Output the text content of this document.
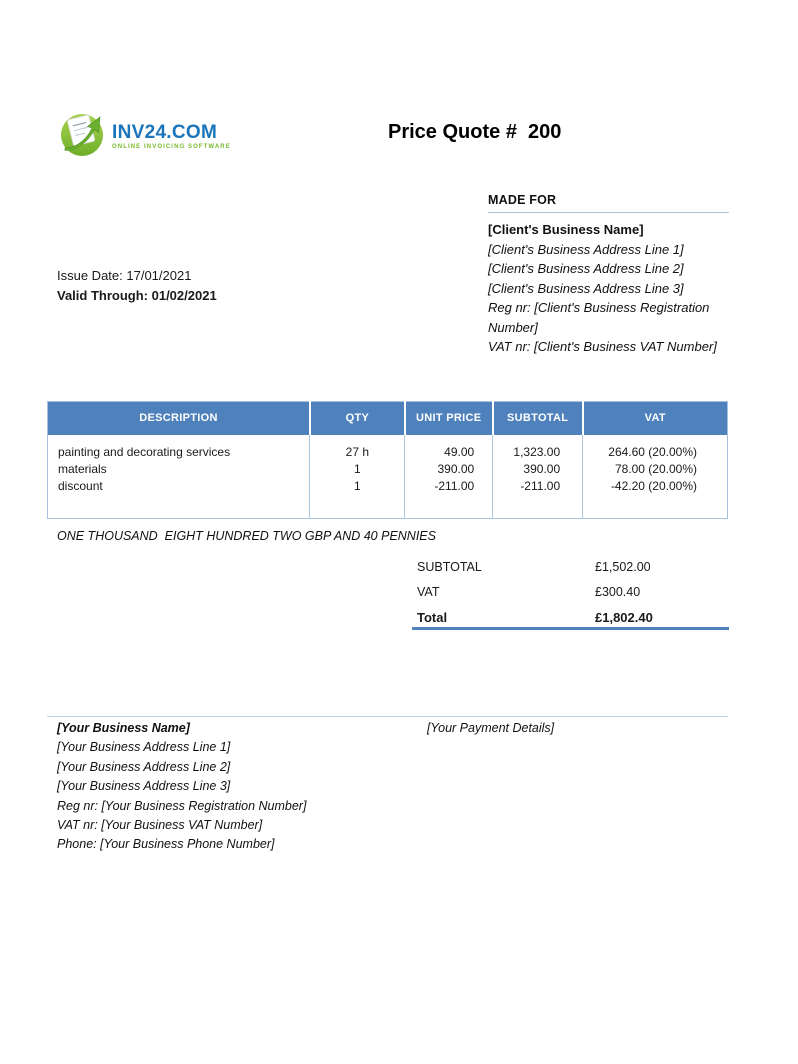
INV24.COM
ONLINE INVOICING SOFTWARE
Price Quote #  200
MADE FOR
[Client's Business Name]
[Client's Business Address Line 1]
[Client's Business Address Line 2]
[Client's Business Address Line 3]
Reg nr: [Client's Business Registration Number]
VAT nr: [Client's Business VAT Number]
Issue Date: 17/01/2021
Valid Through: 01/02/2021
DESCRIPTION	QTY	UNIT PRICE	SUBTOTAL	VAT
painting and decorating services	27 h	49.00	1,323.00	264.60 (20.00%)
materials	1	390.00	390.00	78.00 (20.00%)
discount	1	-211.00	-211.00	-42.20 (20.00%)

ONE THOUSAND  EIGHT HUNDRED TWO GBP AND 40 PENNIES
SUBTOTAL	£1,502.00
VAT	£300.40
Total	£1,802.40
[Your Business Name]
[Your Business Address Line 1]
[Your Business Address Line 2]
[Your Business Address Line 3]
Reg nr: [Your Business Registration Number]
VAT nr: [Your Business VAT Number]
Phone: [Your Business Phone Number]
[Your Payment Details]
